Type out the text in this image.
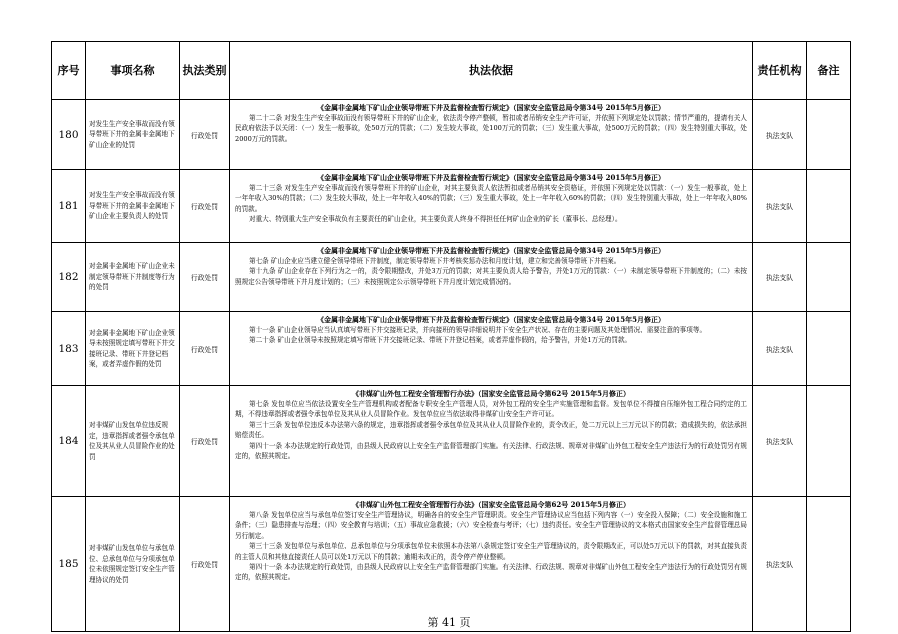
序号	事项名称	执法类别	执法依据	责任机构	备注
180	对发生生产安全事故而没有领导带班下井的金属非金属地下矿山企业的处罚	行政处罚	《金属非金属地下矿山企业领导带班下井及监督检查暂行规定》（国家安全监管总局令第34号 2015年5月修正）
第二十二条 对发生生产安全事故而没有领导带班下井的矿山企业，依法责令停产整顿，暂扣或者吊销安全生产许可证，并依照下列规定处以罚款；情节严重的，提请有关人民政府依法予以关闭：（一）发生一般事故，处50万元的罚款；（二）发生较大事故，处100万元的罚款；（三）发生重大事故，处500万元的罚款；（四）发生特别重大事故，处2000万元的罚款。	执法支队	
181	对发生生产安全事故而没有领导带班下井的金属非金属地下矿山企业主要负责人的处罚	行政处罚	《金属非金属地下矿山企业领导带班下井及监督检查暂行规定》（国家安全监管总局令第34号 2015年5月修正）
第二十三条 对发生生产安全事故而没有领导带班下井的矿山企业，对其主要负责人依法暂扣或者吊销其安全资格证，并依照下列规定处以罚款：（一）发生一般事故，处上一年年收入30%的罚款；（二）发生较大事故，处上一年年收入40%的罚款；（三）发生重大事故，处上一年年收入60%的罚款；（四）发生特别重大事故，处上一年年收入80%的罚款。
对重大、特别重大生产安全事故负有主要责任的矿山企业，其主要负责人终身不得担任任何矿山企业的矿长（董事长、总经理）。	执法支队	
182	对金属非金属地下矿山企业未制定领导带班下井制度等行为的处罚	行政处罚	《金属非金属地下矿山企业领导带班下井及监督检查暂行规定》（国家安全监管总局令第34号 2015年5月修正）
第七条 矿山企业应当建立健全领导带班下井制度，制定领导带班下井考核奖惩办法和月度计划，建立和完善领导带班下井档案。
第十九条 矿山企业存在下列行为之一的，责令限期整改，并处3万元的罚款；对其主要负责人给予警告，并处1万元的罚款：（一）未制定领导带班下井制度的；（二）未按照规定公告领导带班下井月度计划的；（三）未按照规定公示领导带班下井月度计划完成情况的。	执法支队	
183	对金属非金属地下矿山企业领导未按照规定填写带班下井交接班记录、带班下井登记档案，或者弄虚作假的处罚	行政处罚	《金属非金属地下矿山企业领导带班下井及监督检查暂行规定》（国家安全监管总局令第34号 2015年5月修正）
第十一条 矿山企业领导应当认真填写带班下井交接班记录，并向接班的领导详细说明井下安全生产状况、存在的主要问题及其处理情况、需要注意的事项等。
第二十条 矿山企业领导未按照规定填写带班下井交接班记录、带班下井登记档案，或者弄虚作假的，给予警告，并处1万元的罚款。	执法支队	
184	对非煤矿山发包单位违反规定，违章指挥或者强令承包单位及其从业人员冒险作业的处罚	行政处罚	《非煤矿山外包工程安全管理暂行办法》（国家安全监管总局令第62号 2015年5月修正）
第七条 发包单位应当依法设置安全生产管理机构或者配备专职安全生产管理人员，对外包工程的安全生产实施管理和监督。发包单位不得擅自压缩外包工程合同约定的工期，不得违章指挥或者强令承包单位及其从业人员冒险作业。发包单位应当依法取得非煤矿山安全生产许可证。
第三十三条 发包单位违反本办法第六条的规定，违章指挥或者强令承包单位及其从业人员冒险作业的，责令改正，处二万元以上三万元以下的罚款；造成损失的，依法承担赔偿责任。
第四十一条 本办法规定的行政处罚，由县级人民政府以上安全生产监督管理部门实施。有关法律、行政法规、规章对非煤矿山外包工程安全生产违法行为的行政处罚另有规定的，依照其规定。	执法支队	
185	对非煤矿山发包单位与承包单位、总承包单位与分项承包单位未依照规定签订安全生产管理协议的处罚	行政处罚	《非煤矿山外包工程安全管理暂行办法》（国家安全监管总局令第62号 2015年5月修正）
第八条 发包单位应当与承包单位签订安全生产管理协议，明确各自的安全生产管理职责。安全生产管理协议应当包括下列内容（一）安全投入保障；（二）安全设施和施工条件；（三）隐患排查与治理；（四）安全教育与培训；（五）事故应急救援；（六）安全检查与考评；（七）违约责任。安全生产管理协议的文本格式由国家安全生产监督管理总局另行制定。
第三十三条 发包单位与承包单位、总承包单位与分项承包单位未依照本办法第八条规定签订安全生产管理协议的，责令限期改正，可以处5万元以下的罚款，对其直接负责的主管人员和其他直接责任人员可以处1万元以下的罚款；逾期未改正的，责令停产停业整顿。
第四十一条 本办法规定的行政处罚，由县级人民政府以上安全生产监督管理部门实施。有关法律、行政法规、规章对非煤矿山外包工程安全生产违法行为的行政处罚另有规定的，依照其规定。	执法支队	
第 41 页
